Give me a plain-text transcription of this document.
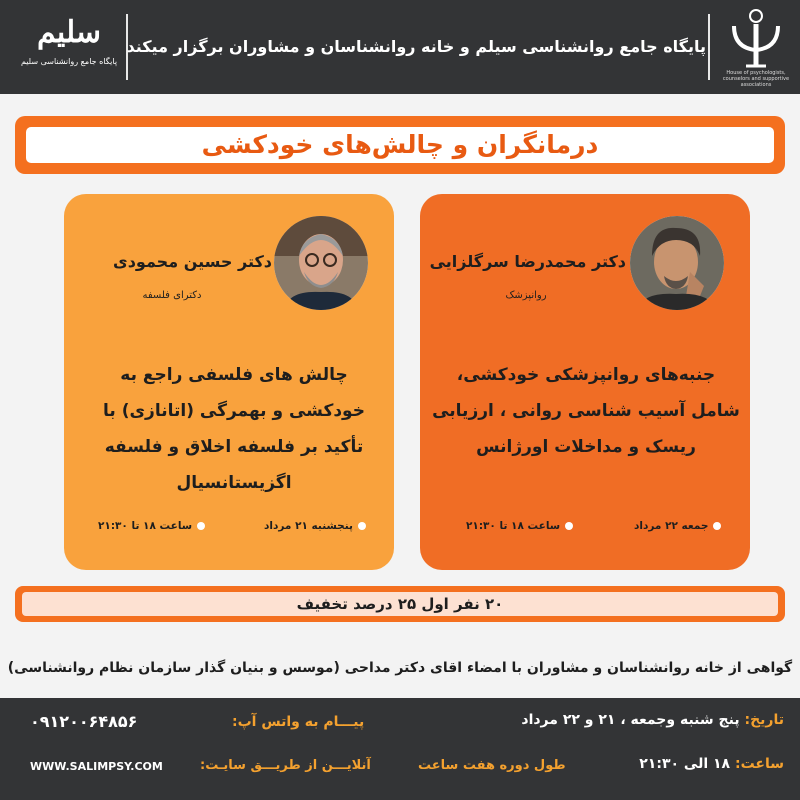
سلیم
پایگاه جامع روانشناسی سلیم
پایگاه جامع روانشناسی سیلم و خانه روانشناسان و مشاوران برگزار میکند
House of psychologists, counselors and supportive associations
درمانگران و چالش‌های خودکشی
دکتر حسین محمودی
دکترای فلسفه
چالش های فلسفی راجع به خودکشی و بهمرگی (اتانازی) با تأکید بر فلسفه اخلاق و فلسفه اگزیستانسیال
پنجشنبه ۲۱ مرداد
ساعت ۱۸ تا ۲۱:۳۰
دکتر محمدرضا سرگلزایی
روانپزشک
جنبه‌های روانپزشکی خودکشی، شامل آسیب شناسی روانی ، ارزیابی ریسک و مداخلات اورژانس
جمعه ۲۲ مرداد
ساعت ۱۸ تا ۲۱:۳۰
۲۰ نفر اول ۲۵ درصد تخفیف
گواهی از خانه روانشناسان و مشاوران با امضاء اقای دکتر مداحی (موسس و بنیان گذار سازمان نظام روانشناسی)
تاریخ: پنج شنبه وجمعه ، ۲۱ و ۲۲ مرداد
ساعت: ۱۸ الی ۲۱:۳۰
طول دوره هفت ساعت
پیـــام به واتس آپ:
۰۹۱۲۰۰۶۴۸۵۶
آنلایـــن از طریـــق سایـت:
WWW.SALIMPSY.COM
